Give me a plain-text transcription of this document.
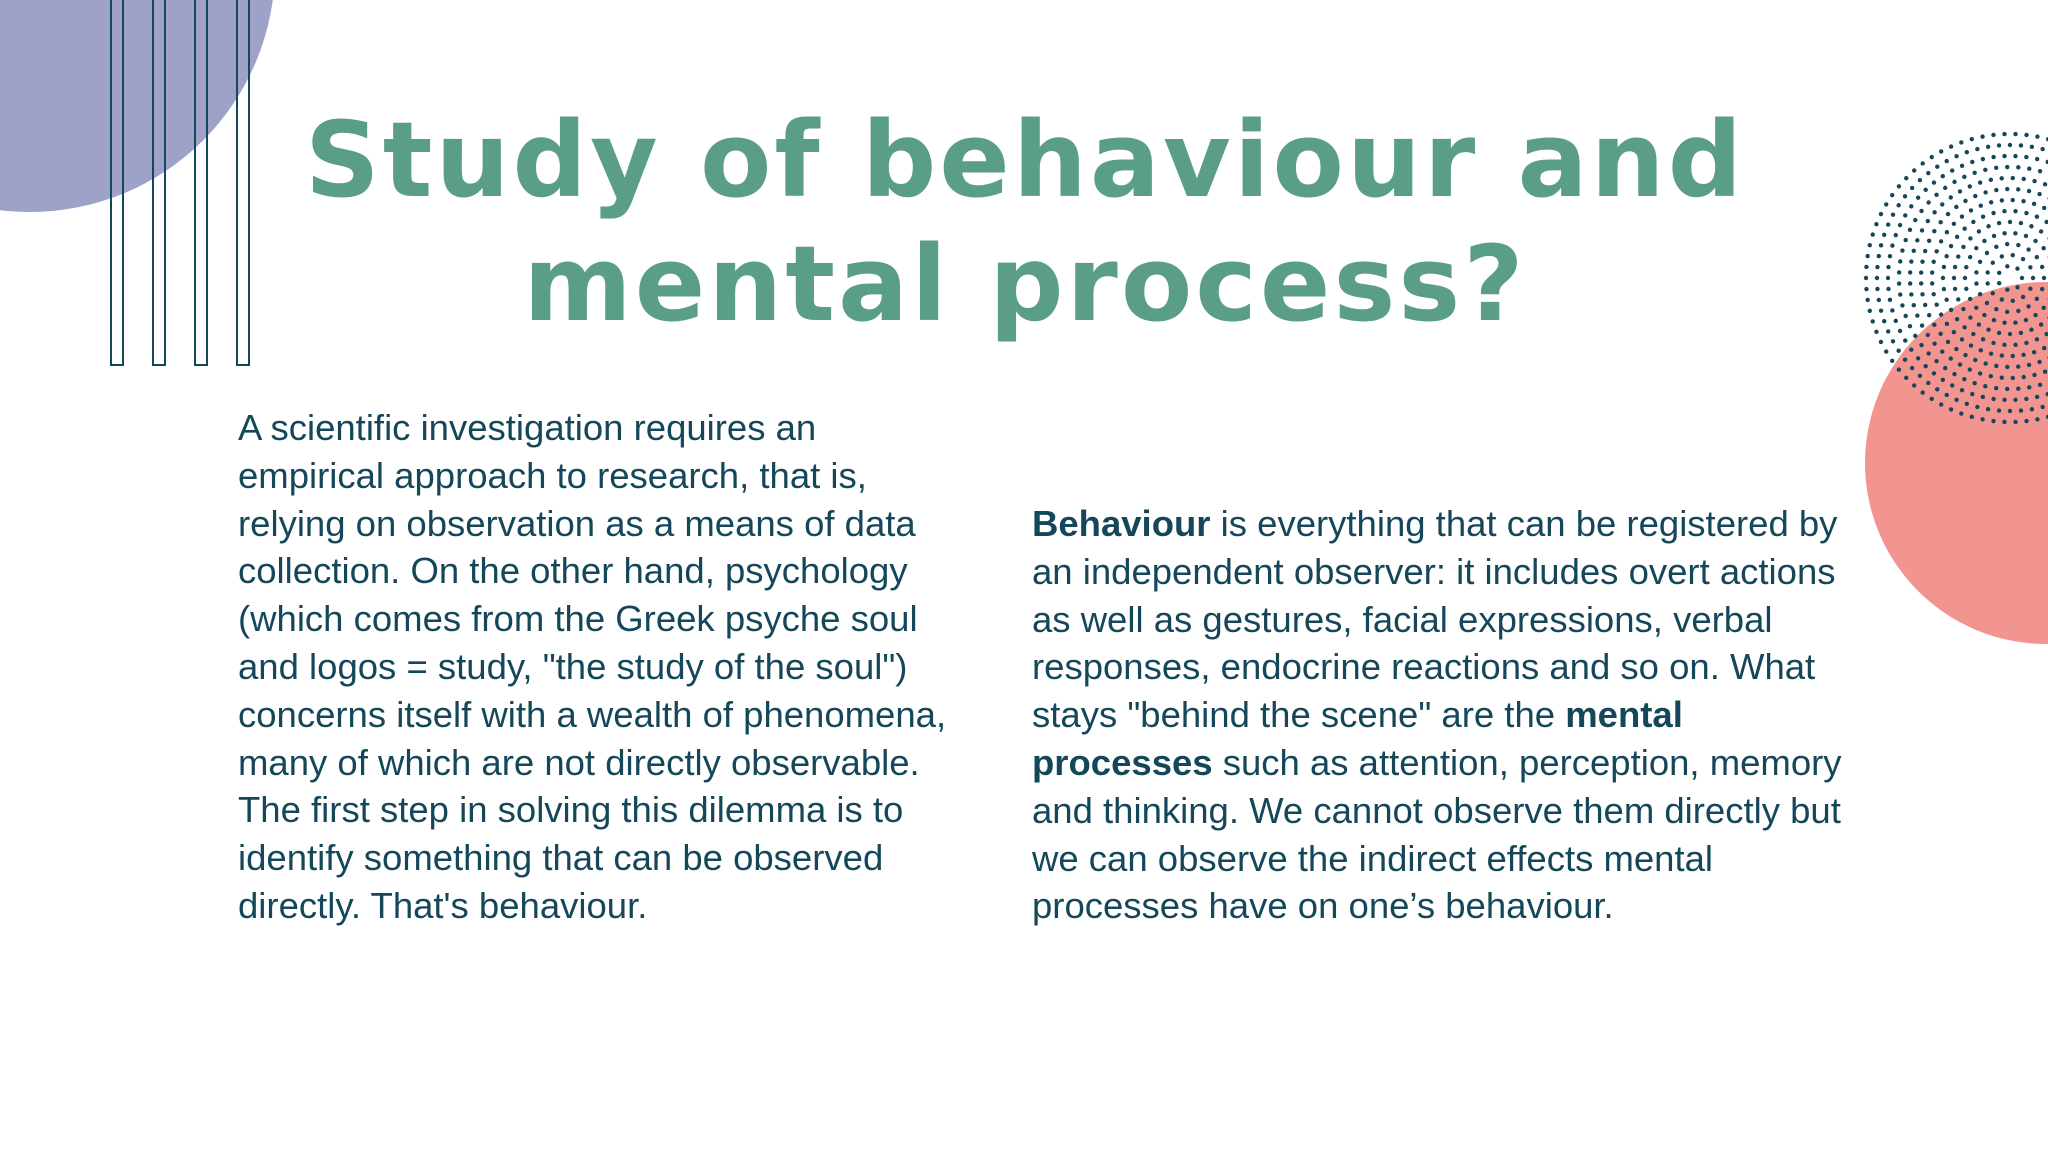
Study of behaviour and mental process?
A scientific investigation requires an empirical approach to research, that is, relying on observation as a means of data collection. On the other hand, psychology (which comes from the Greek psyche soul and logos = study, "the study of the soul") concerns itself with a wealth of phenomena, many of which are not directly observable. The first step in solving this dilemma is to identify something that can be observed directly. That's behaviour.
Behaviour is everything that can be registered by an independent observer: it includes overt actions as well as gestures, facial expressions, verbal responses, endocrine reactions and so on. What stays "behind the scene" are the mental processes such as attention, perception, memory and thinking. We cannot observe them directly but we can observe the indirect effects mental processes have on one’s behaviour.
